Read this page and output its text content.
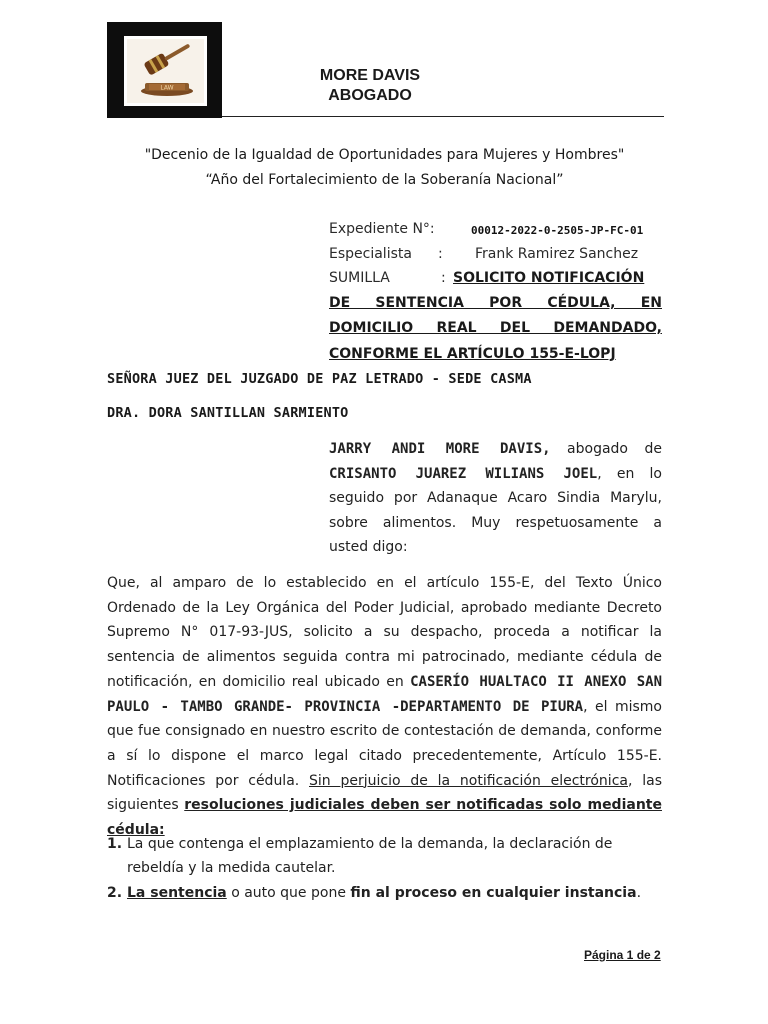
LAW
MORE DAVIS
ABOGADO
"Decenio de la Igualdad de Oportunidades para Mujeres y Hombres"
“Año del Fortalecimiento de la Soberanía Nacional”
Expediente N°:	00012-2022-0-2505-JP-FC-01
Especialista : Frank Ramirez Sanchez
SUMILLA	: SOLICITO NOTIFICACIÓN
DE SENTENCIA POR CÉDULA, EN
DOMICILIO REAL DEL DEMANDADO,
CONFORME EL ARTÍCULO 155-E-LOPJ
SEÑORA JUEZ DEL JUZGADO DE PAZ LETRADO - SEDE CASMA
DRA. DORA SANTILLAN SARMIENTO
JARRY ANDI MORE DAVIS, abogado de CRISANTO JUAREZ WILIANS JOEL, en lo seguido por Adanaque Acaro Sindia Marylu, sobre alimentos. Muy respetuosamente a usted digo:
Que, al amparo de lo establecido en el artículo 155-E, del Texto Único Ordenado de la Ley Orgánica del Poder Judicial, aprobado mediante Decreto Supremo N° 017-93-JUS, solicito a su despacho, proceda a notificar la sentencia de alimentos seguida contra mi patrocinado, mediante cédula de notificación, en domicilio real ubicado en CASERÍO HUALTACO II ANEXO SAN PAULO - TAMBO GRANDE- PROVINCIA -DEPARTAMENTO DE PIURA, el mismo que fue consignado en nuestro escrito de contestación de demanda, conforme a sí lo dispone el marco legal citado precedentemente, Artículo 155-E. Notificaciones por cédula. Sin perjuicio de la notificación electrónica, las siguientes resoluciones judiciales deben ser notificadas solo mediante cédula:
1. La que contenga el emplazamiento de la demanda, la declaración de rebeldía y la medida cautelar.
2. La sentencia o auto que pone fin al proceso en cualquier instancia.
Página 1 de 2
